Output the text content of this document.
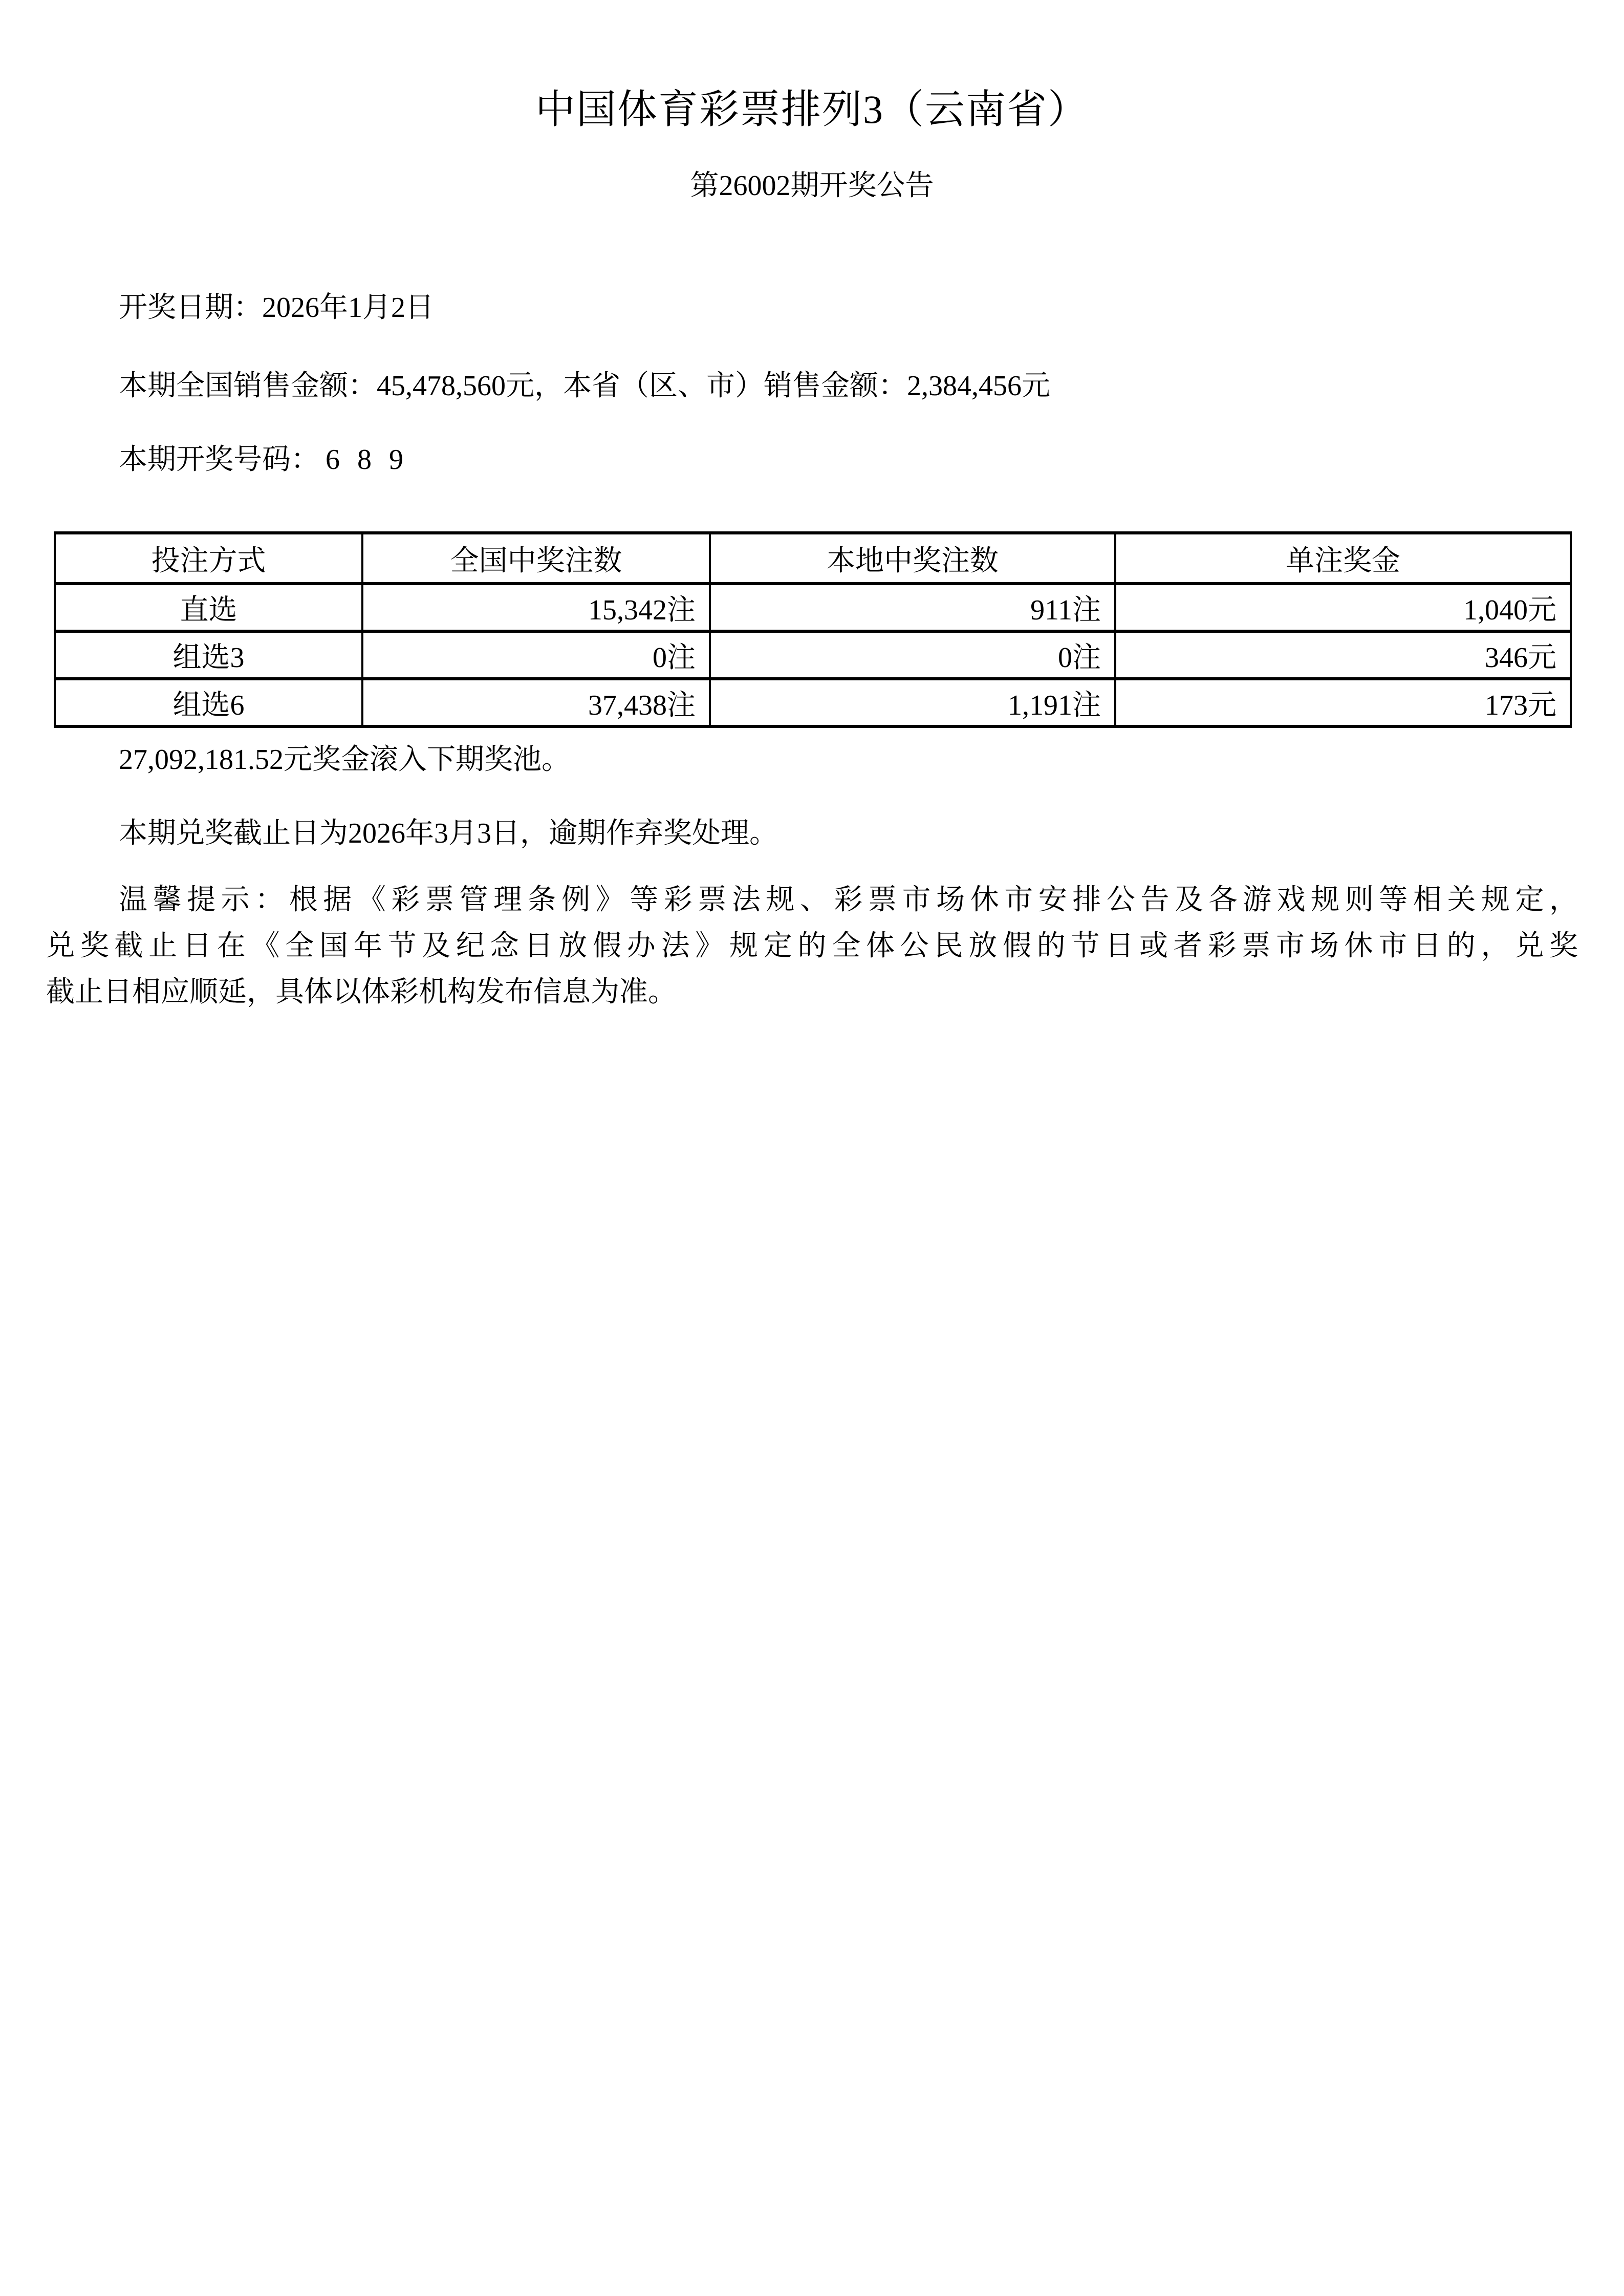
中国体育彩票排列3（云南省）
第26002期开奖公告
开奖日期：2026年1月2日
本期全国销售金额：45,478,560元，本省（区、市）销售金额：2,384,456元
本期开奖号码： 6 8 9
投注方式	全国中奖注数	本地中奖注数	单注奖金
直选	15,342注	911注	1,040元
组选3	0注	0注	346元
组选6	37,438注	1,191注	173元
27,092,181.52元奖金滚入下期奖池。
本期兑奖截止日为2026年3月3日，逾期作弃奖处理。
温馨提示：根据《彩票管理条例》等彩票法规、彩票市场休市安排公告及各游戏规则等相关规定，
兑奖截止日在《全国年节及纪念日放假办法》规定的全体公民放假的节日或者彩票市场休市日的，兑奖
截止日相应顺延，具体以体彩机构发布信息为准。
